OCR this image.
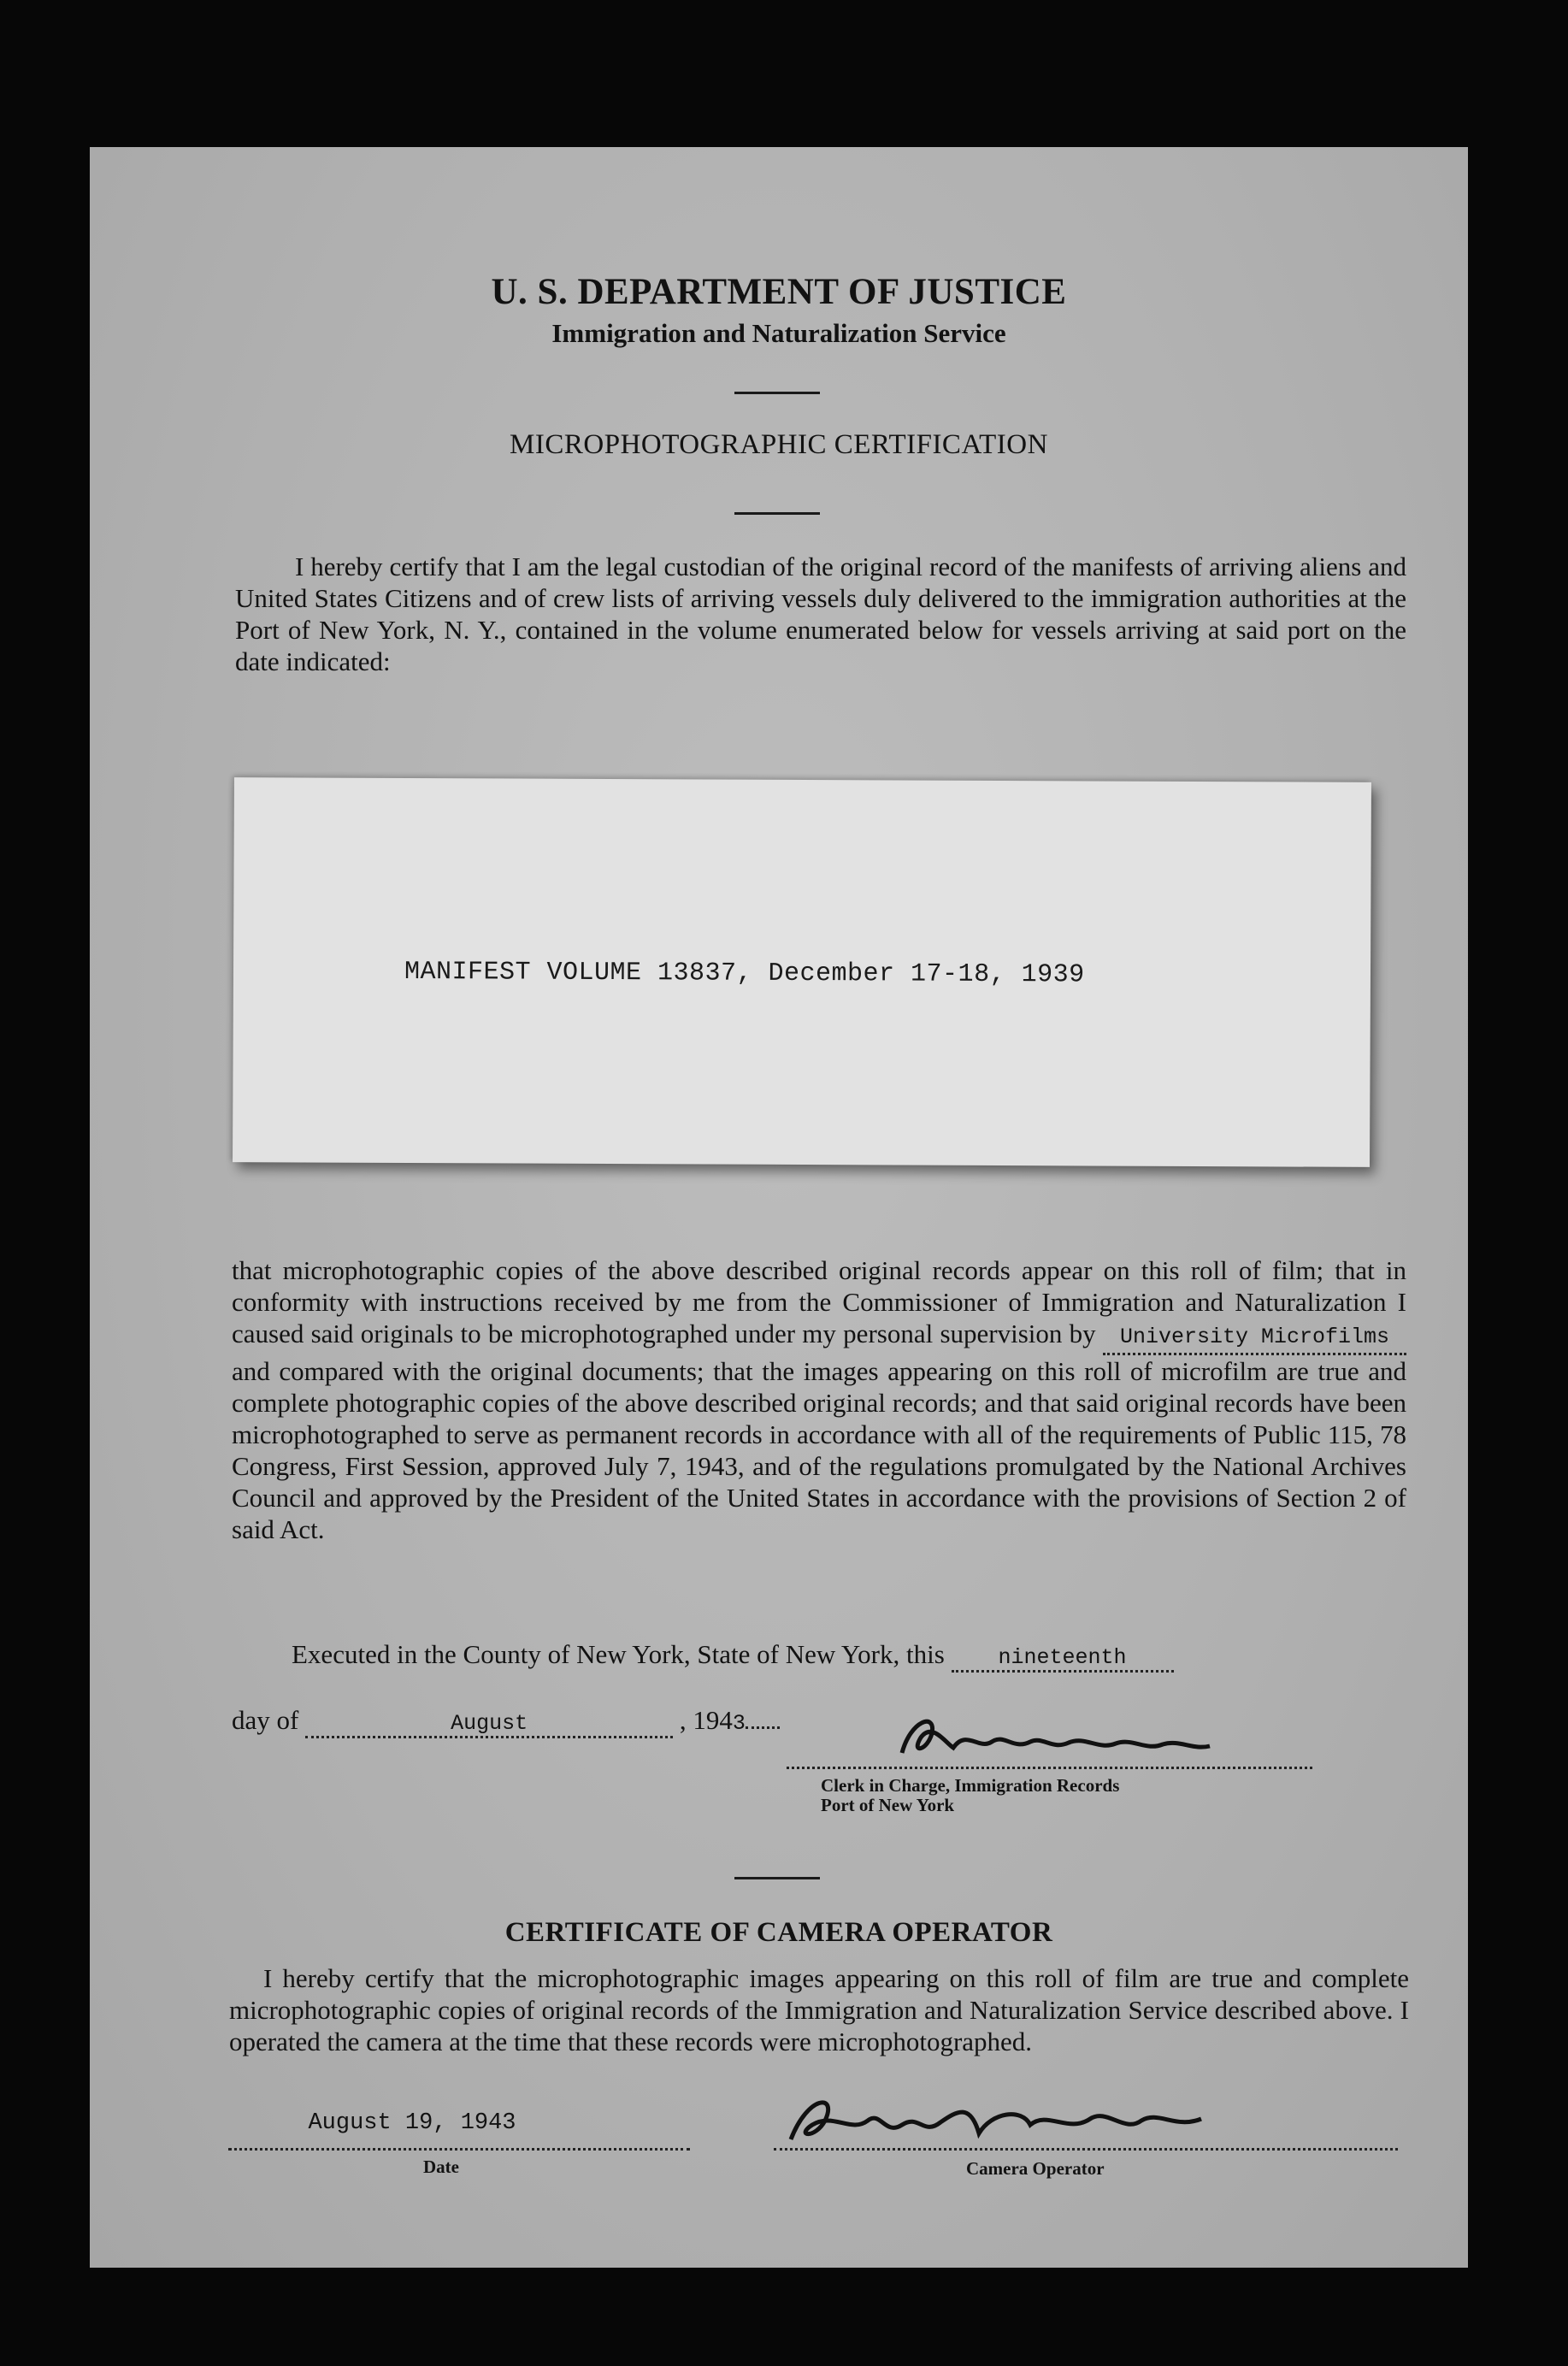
U. S. DEPARTMENT OF JUSTICE
Immigration and Naturalization Service
MICROPHOTOGRAPHIC CERTIFICATION
I hereby certify that I am the legal custodian of the original record of the manifests of arriving aliens and United States Citizens and of crew lists of arriving vessels duly delivered to the immigration authorities at the Port of New York, N. Y., contained in the volume enumerated below for vessels arriving at said port on the date indicated:
MANIFEST VOLUME 13837, December 17-18, 1939
that microphotographic copies of the above described original records appear on this roll of film; that in conformity with instructions received by me from the Commissioner of Immigration and Naturalization I caused said originals to be microphotographed under my personal supervision by University Microfilms and compared with the original documents; that the images appearing on this roll of microfilm are true and complete photographic copies of the above described original records; and that said original records have been microphotographed to serve as permanent records in accordance with all of the requirements of Public 115, 78 Congress, First Session, approved July 7, 1943, and of the regulations promulgated by the National Archives Council and approved by the President of the United States in accordance with the provisions of Section 2 of said Act.
Executed in the County of New York, State of New York, this	nineteenth
day of	August	, 1943
Clerk in Charge, Immigration Records
Port of New York
CERTIFICATE OF CAMERA OPERATOR
I hereby certify that the microphotographic images appearing on this roll of film are true and complete microphotographic copies of original records of the Immigration and Naturalization Service described above. I operated the camera at the time that these records were microphotographed.
August 19, 1943
Date	Camera Operator
